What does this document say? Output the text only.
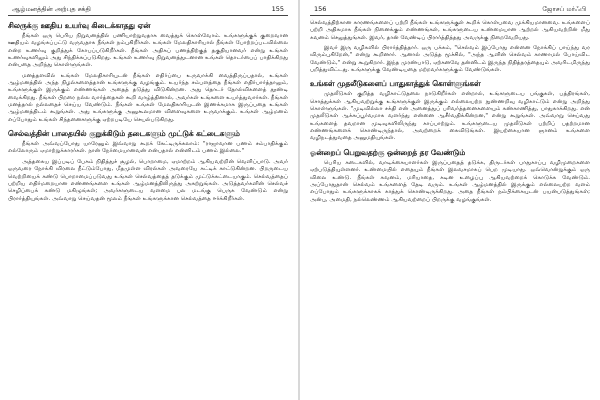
ஆழ்மனத்தின் அற்புத சக்தி	155
சிலருக்கு ஊதிய உயர்வு கிடைக்காதது ஏன்

நீங்கள் ஒரு பெரிய நிறுவனத்தில் பணியாற்றுவதாக வைத்துக் கொள்வோம். உங்களுக்குக் குறைவான ஊதியம் வழங்கப்பட்டு வருவதாக நீங்கள் நம்புகிறீர்கள். உங்கள் மேலதிகாரியால் நீங்கள் போற்றப்படவில்லை என்ற உணர்வு குறித்துக் கோபப்படுகிறீர்கள். நீங்கள் அதிகப் பணத்திற்குத் தகுதியானவர் என்று உங்கள் உணர்வுகளிலும் அது சிந்திக்கப்படுகிறது. உங்கள் உணர்வு நிறுவனத்துடனான உங்கள் தொடர்பைப் பாதிக்கிறது என்பதை அறிந்து கொள்ளுங்கள்.

மனத்தளவில் உங்கள் மேலதிகாரியுடன் நீங்கள் எதிர்ப்பை உருவாக்கி வைத்திருப்பதால், உங்கள் ஆழ்மனத்தில் அந்த நிழல்களைத்தான் உங்களுக்கு வழங்கும். உயர்ந்த சம்பளத்தை நீங்கள் எதிர்பார்த்தாலும், உங்களுக்குள் இருக்கும் எண்ணங்கள் அதைத் தடுத்து விடுகின்றன. அது தொடர் தோல்விகளைத் தூண்டி வைக்கிறது. நீங்கள் பிறரை நல்ல வார்த்தைகள் கூறி வாழ்த்தினால், அவர்கள் உங்களை உயர்த்துவார்கள். நீங்கள் மனத்தால் நல்லதைச் செய்ய வேண்டும். நீங்கள் உங்கள் மேலதிகாரியுடன் இணக்கமாக இருப்பதை உங்கள் ஆழ்மனத்திடம் கூறுங்கள். அது உங்களுக்கு அனுகூலமான விளைவுகளை உருவாக்கும். உங்கள் ஆழ்மனம் எப்போதும் உங்கள் சிந்தனைகளுக்கு ஏற்றபடியே செயல்படுகிறது.

செல்வத்தின் பாதையில் குறுக்கிடும் தடைகளும் முட்டுக் கட்டைகளும்

நீங்கள் அவ்வப்போது யாரேனும் இவ்வாறு கூறக் கேட்டிருக்கலாம்: "ராஜாவான பணம் சம்பாதிக்கும் எல்லோரும் ஏமாற்றுக்காரர்கள். நான் நேர்மையானவன் என்பதால் என்னிடம் பணம் இல்லை."

அத்தகைய இப்படிப் பேசும் நிதித்துச் சூழல், பொறாமை, ஏமாற்றம் ஆகியவற்றின் வெளிப்பாடு. அவர் ஒருவரை நோக்கி விரலை நீட்டும்போது, மீதமுள்ள விரல்கள் அவரையே சுட்டிக் காட்டுகின்றன. பிறருடைய வெற்றியைக் கண்டு பொறாமைப்படுவது உங்கள் செல்வத்தைத் தடுக்கும் முட்டுக்கட்டையாகும். செல்வத்தைப் பற்றிய எதிர்மறையான எண்ணங்களை உங்கள் ஆழ்மனத்திலிருந்து அகற்றுங்கள். அடுத்தவர்களின் செல்வச் செழிப்பைக் கண்டு மகிழுங்கள்; அவர்களுடைய வளமை பல மடங்கு பெருக வேண்டும் என்று பிரார்த்தியுங்கள். அவ்வாறு செய்வதன் மூலம் நீங்கள் உங்களுக்கான செல்வத்தை ஈர்க்கிறீர்கள்.

156	ஜோசப் மர்ஃபி

செல்வத்திற்கான காரணங்களைப் பற்றி நீங்கள் உங்களுக்குள் கூறிக் கொள்பவை முக்கியமானவை. உங்களைப் பற்றி அதிகமாக நீங்கள் நினைக்கும் எண்ணங்கள், உங்களுடைய உண்மையான ஆற்றல் ஆகியவற்றின் மீது கவனம் செலுத்துங்கள். இவர், தான் வேண்டிப் பிரார்த்தித்தது அவருக்கு நிறைவேறியது.

இவர் இரு வழிகளில் பிரார்த்தித்தார். ஒரு பக்கம், "செல்வம் இப்போது என்னை நோக்கிப் பாய்ந்து வர விரும்புகிறேன்," என்று கூறினார். ஆனால் அடுத்த மூச்சில், "அந்த ஆளின் செல்வம் காணாமல் போய்விட வேண்டும்," என்று கூறுகிறார். இந்த முரண்பாடு, ஏற்கனவே தன்னிடம் இருந்த நிதித்தரத்தையும் அவரிடமிருந்து பறித்துவிட்டது. உங்களுக்கு வேண்டியதை மற்றவர்களுக்கும் வேண்டுங்கள்.

உங்கள் முதலீடுகளைப் பாதுகாத்துக் கொள்ளுங்கள்

முதலீடுகள் குறித்த வழிகாட்டுதலை நாடுகிறீர்கள் என்றால், உங்களுடைய பங்குகள், பத்திரங்கள், சொத்துக்கள் ஆகியவற்றுக்கு உங்களுக்குள் இருக்கும் எல்லையற்ற நுண்ணறிவு வழிகாட்டும் என்று அறிந்து கொள்ளுங்கள். "முடிவில்லா சக்தி என் அனைத்துப் பரிவர்த்தனைகளையும் கண்காணித்து, பாதுகாக்கிறது. என் முதலீடுகள் ஆக்கப்பூர்வமாக வளர்ந்து என்னை ஆசீர்வதிக்கின்றன," என்று கூறுங்கள். அவ்வாறு செய்வது உங்களைத் தவறான முடிவுகளிலிருந்து காப்பாற்றும். உங்களுடைய முதலீடுகள் பற்றிப் பதற்றமான எண்ணங்களைக் கொண்டிருந்தால், அவற்றைக் கைவிடுங்கள். இயற்கையான ஞானம் உங்களை வழிநடத்துவதை அனுமதியுங்கள்.

ஓன்றைப் பெறுவதற்கு ஒன்றைத் தர வேண்டும்

பெரிய கடைகளில், வாடிக்கையாளர்கள் இருப்பதைத் தடுக்க, திருடர்கள் பாதுகாப்பு வழிமுறைகளை ஏற்படுத்தியுள்ளனர். உண்மையில் எதையும் நீங்கள் இலவசமாகப் பெற முடியாது. ஒவ்வொன்றுக்கும் ஒரு விலை உண்டு. நீங்கள் கவனம், மரியாதை, கடின உழைப்பு ஆகியவற்றைக் கொடுக்க வேண்டும். அப்போதுதான் செல்வம் உங்களைத் தேடி வரும். உங்கள் ஆழ்மனத்தில் இருக்கும் எல்லையற்ற வளம் எப்போதும் உங்களுக்காகக் காத்துக் கொண்டிருக்கிறது. அதை நீங்கள் நம்பிக்கையுடன் பயன்படுத்துங்கள்; அன்பு, அமைதி, நல்லெண்ணம் ஆகியவற்றைப் பிறருக்கு வழங்குங்கள்.
